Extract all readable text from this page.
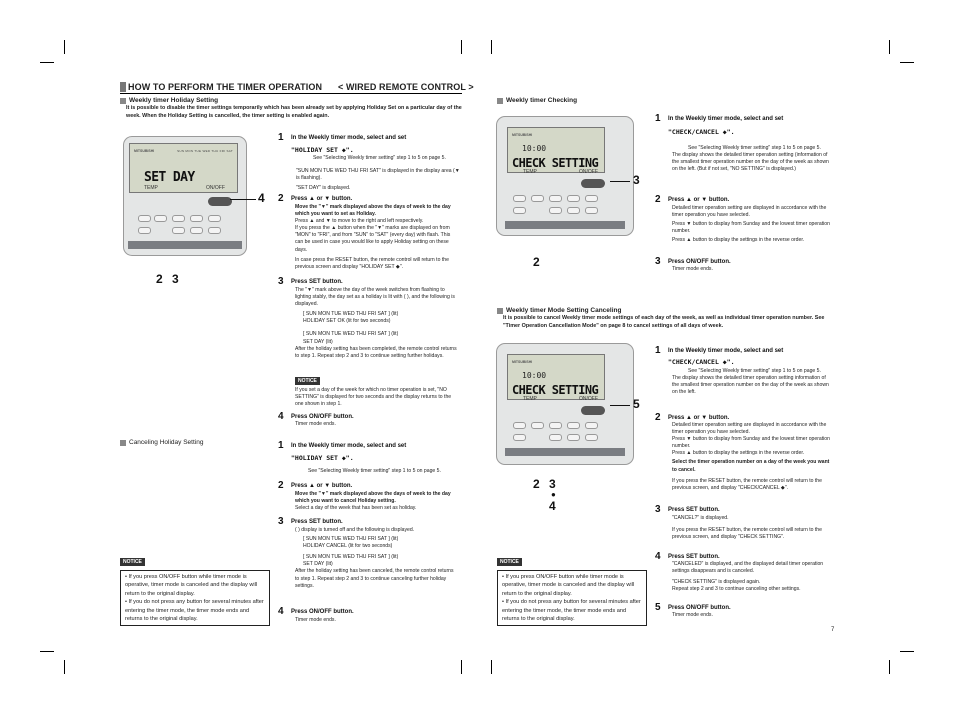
HOW TO PERFORM THE TIMER OPERATION < WIRED REMOTE CONTROL >
Weekly timer Holiday Setting
It is possible to disable the timer settings temporarily which has been already set by applying Holiday Set on a particular day of the week. When the Holiday Setting is cancelled, the timer setting is enabled again.
MITSUBISHI	SUN MON TUE WED THU FRI SAT
SET DAY
TEMP	ON/OFF
4
2 3
1 In the Weekly timer mode, select and set
"HOLIDAY SET ◆".
See "Selecting Weekly timer setting" step 1 to 5 on page 5.
"SUN MON TUE WED THU FRI SAT" is displayed in the display area (▼ is flashing).
"SET DAY" is displayed.
2 Press ▲ or ▼ button.
Move the "▼" mark displayed above the days of week to the day which you want to set as Holiday.
Press ▲ and ▼ to move to the right and left respectively.
If you press the ▲ button when the "▼" marks are displayed on from "MON" to "FRI", and from "SUN" to "SAT" (every day) with flash. This can be used in case you would like to apply Holiday setting on these days.
In case press the RESET button, the remote control will return to the previous screen and display "HOLIDAY SET ◆".
3 Press SET button.
The "▼" mark above the day of the week switches from flashing to lighting stably, the day set as a holiday is lit with ( ), and the following is displayed.
[ SUN MON TUE WED THU FRI SAT ] (lit)
HOLIDAY SET OK (lit for two seconds)
[ SUN MON TUE WED THU FRI SAT ] (lit)
SET DAY (lit)
After the holiday setting has been completed, the remote control returns to step 1. Repeat step 2 and 3 to continue setting further holidays.
NOTICE
If you set a day of the week for which no timer operation is set, "NO SETTING" is displayed for two seconds and the display returns to the one shown in step 1.
4 Press ON/OFF button.
Timer mode ends.
Canceling Holiday Setting	1 In the Weekly timer mode, select and set
"HOLIDAY SET ◆".
See "Selecting Weekly timer setting" step 1 to 5 on page 5.
2 Press ▲ or ▼ button.
Move the "▼" mark displayed above the days of week to the day which you want to cancel Holiday setting.
Select a day of the week that has been set as holiday.
3 Press SET button.
( ) display is turned off and the following is displayed.
[ SUN MON TUE WED THU FRI SAT ] (lit)
HOLIDAY CANCEL (lit for two seconds)
[ SUN MON TUE WED THU FRI SAT ] (lit)
SET DAY (lit)
After the holiday setting has been canceled, the remote control returns to step 1. Repeat step 2 and 3 to continue canceling further holiday settings.
4 Press ON/OFF button.
Timer mode ends.
NOTICE
• If you press ON/OFF button while timer mode is operative, timer mode is canceled and the display will return to the original display.
• If you do not press any button for several minutes after entering the timer mode, the timer mode ends and returns to the original display.
Weekly timer Checking
MITSUBISHI
10:00
CHECK SETTING
TEMP	ON/OFF
3
2
1 In the Weekly timer mode, select and set
"CHECK/CANCEL ◆".
See "Selecting Weekly timer setting" step 1 to 5 on page 5.
The display shows the detailed timer operation setting (information of the smallest timer operation number on the day of the week as shown on the left. (But if not set, "NO SETTING" is displayed.)
2 Press ▲ or ▼ button.
Detailed timer operation setting are displayed in accordance with the timer operation you have selected.
Press ▼ button to display from Sunday and the lowest timer operation number.
Press ▲ button to display the settings in the reverse order.
3 Press ON/OFF button.
Timer mode ends.
Weekly timer Mode Setting Canceling
It is possible to cancel Weekly timer mode settings of each day of the week, as well as individual timer operation number. See "Timer Operation Cancellation Mode" on page 8 to cancel settings of all days of week.
MITSUBISHI
10:00
CHECK SETTING
TEMP	ON/OFF	5
2 3
●
4
1 In the Weekly timer mode, select and set
"CHECK/CANCEL ◆".
See "Selecting Weekly timer setting" step 1 to 5 on page 5.
The display shows the detailed timer operation setting information of the smallest timer operation number on the day of the week as shown on the left.
2 Press ▲ or ▼ button.
Detailed timer operation setting are displayed in accordance with the timer operation you have selected.
Press ▼ button to display from Sunday and the lowest timer operation number.
Press ▲ button to display the settings in the reverse order.
Select the timer operation number on a day of the week you want to cancel.
If you press the RESET button, the remote control will return to the previous screen, and display "CHECK/CANCEL ◆".
3 Press SET button.
"CANCEL?" is displayed.
If you press the RESET button, the remote control will return to the previous screen, and display "CHECK SETTING".
4 Press SET button.
"CANCELED" is displayed, and the displayed detail timer operation settings disappears and is canceled.
"CHECK SETTING" is displayed again.
Repeat step 2 and 3 to continue canceling other settings.
5 Press ON/OFF button.
Timer mode ends.
NOTICE
• If you press ON/OFF button while timer mode is operative, timer mode is canceled and the display will return to the original display.
• If you do not press any button for several minutes after entering the timer mode, the timer mode ends and returns to the original display.
7
